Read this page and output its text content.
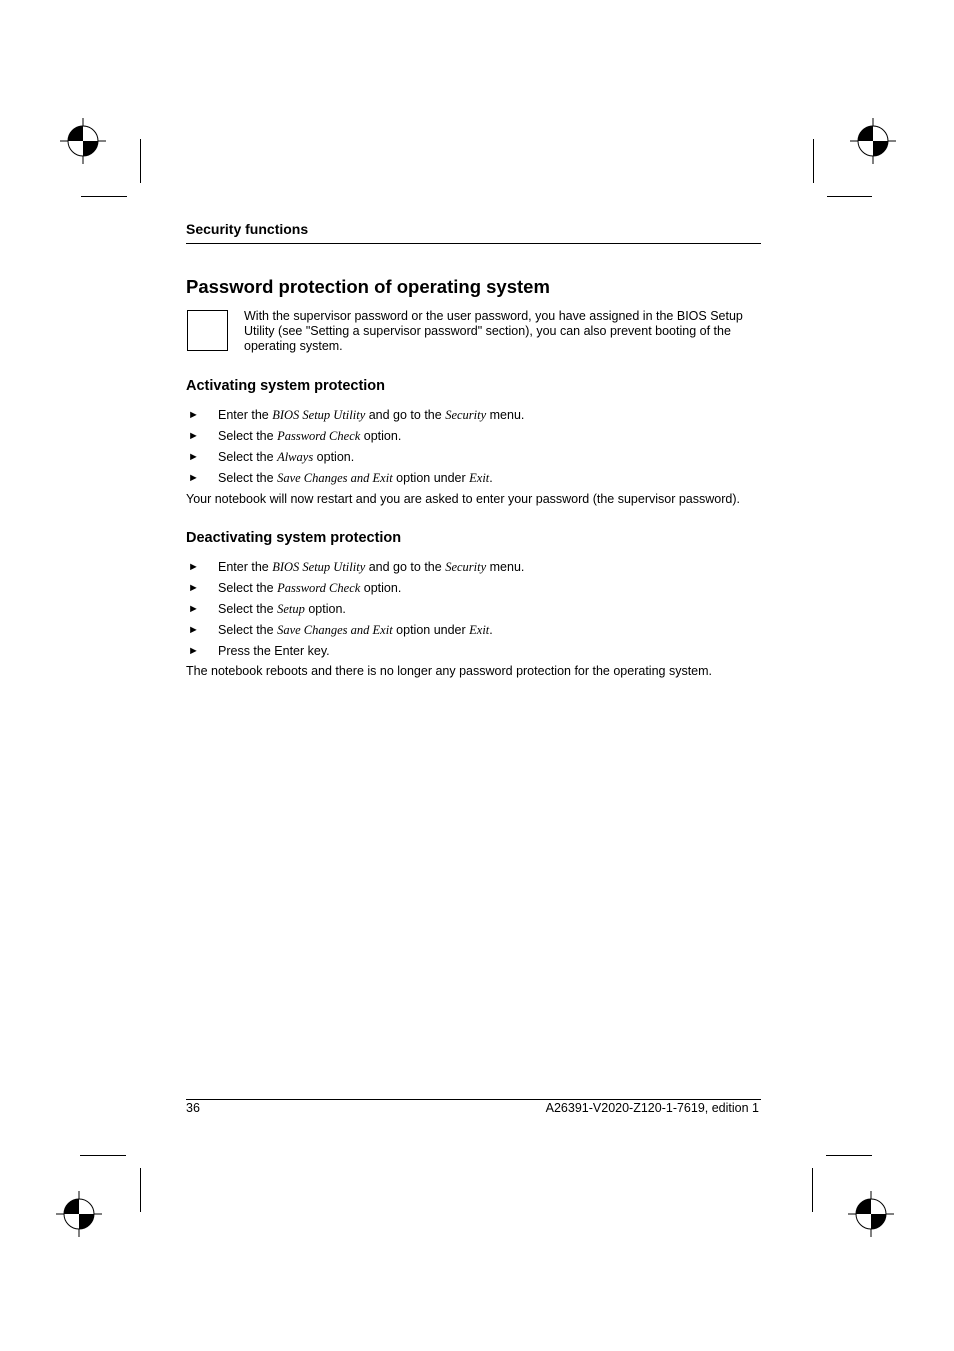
Security functions
Password protection of operating system
With the supervisor password or the user password, you have assigned in the BIOS Setup Utility (see "Setting a supervisor password" section), you can also prevent booting of the operating system.
Activating system protection
► Enter the BIOS Setup Utility and go to the Security menu.
► Select the Password Check option.
► Select the Always option.
► Select the Save Changes and Exit option under Exit.
Your notebook will now restart and you are asked to enter your password (the supervisor password).
Deactivating system protection
► Enter the BIOS Setup Utility and go to the Security menu.
► Select the Password Check option.
► Select the Setup option.
► Select the Save Changes and Exit option under Exit.
► Press the Enter key.
The notebook reboots and there is no longer any password protection for the operating system.
36	A26391-V2020-Z120-1-7619, edition 1
